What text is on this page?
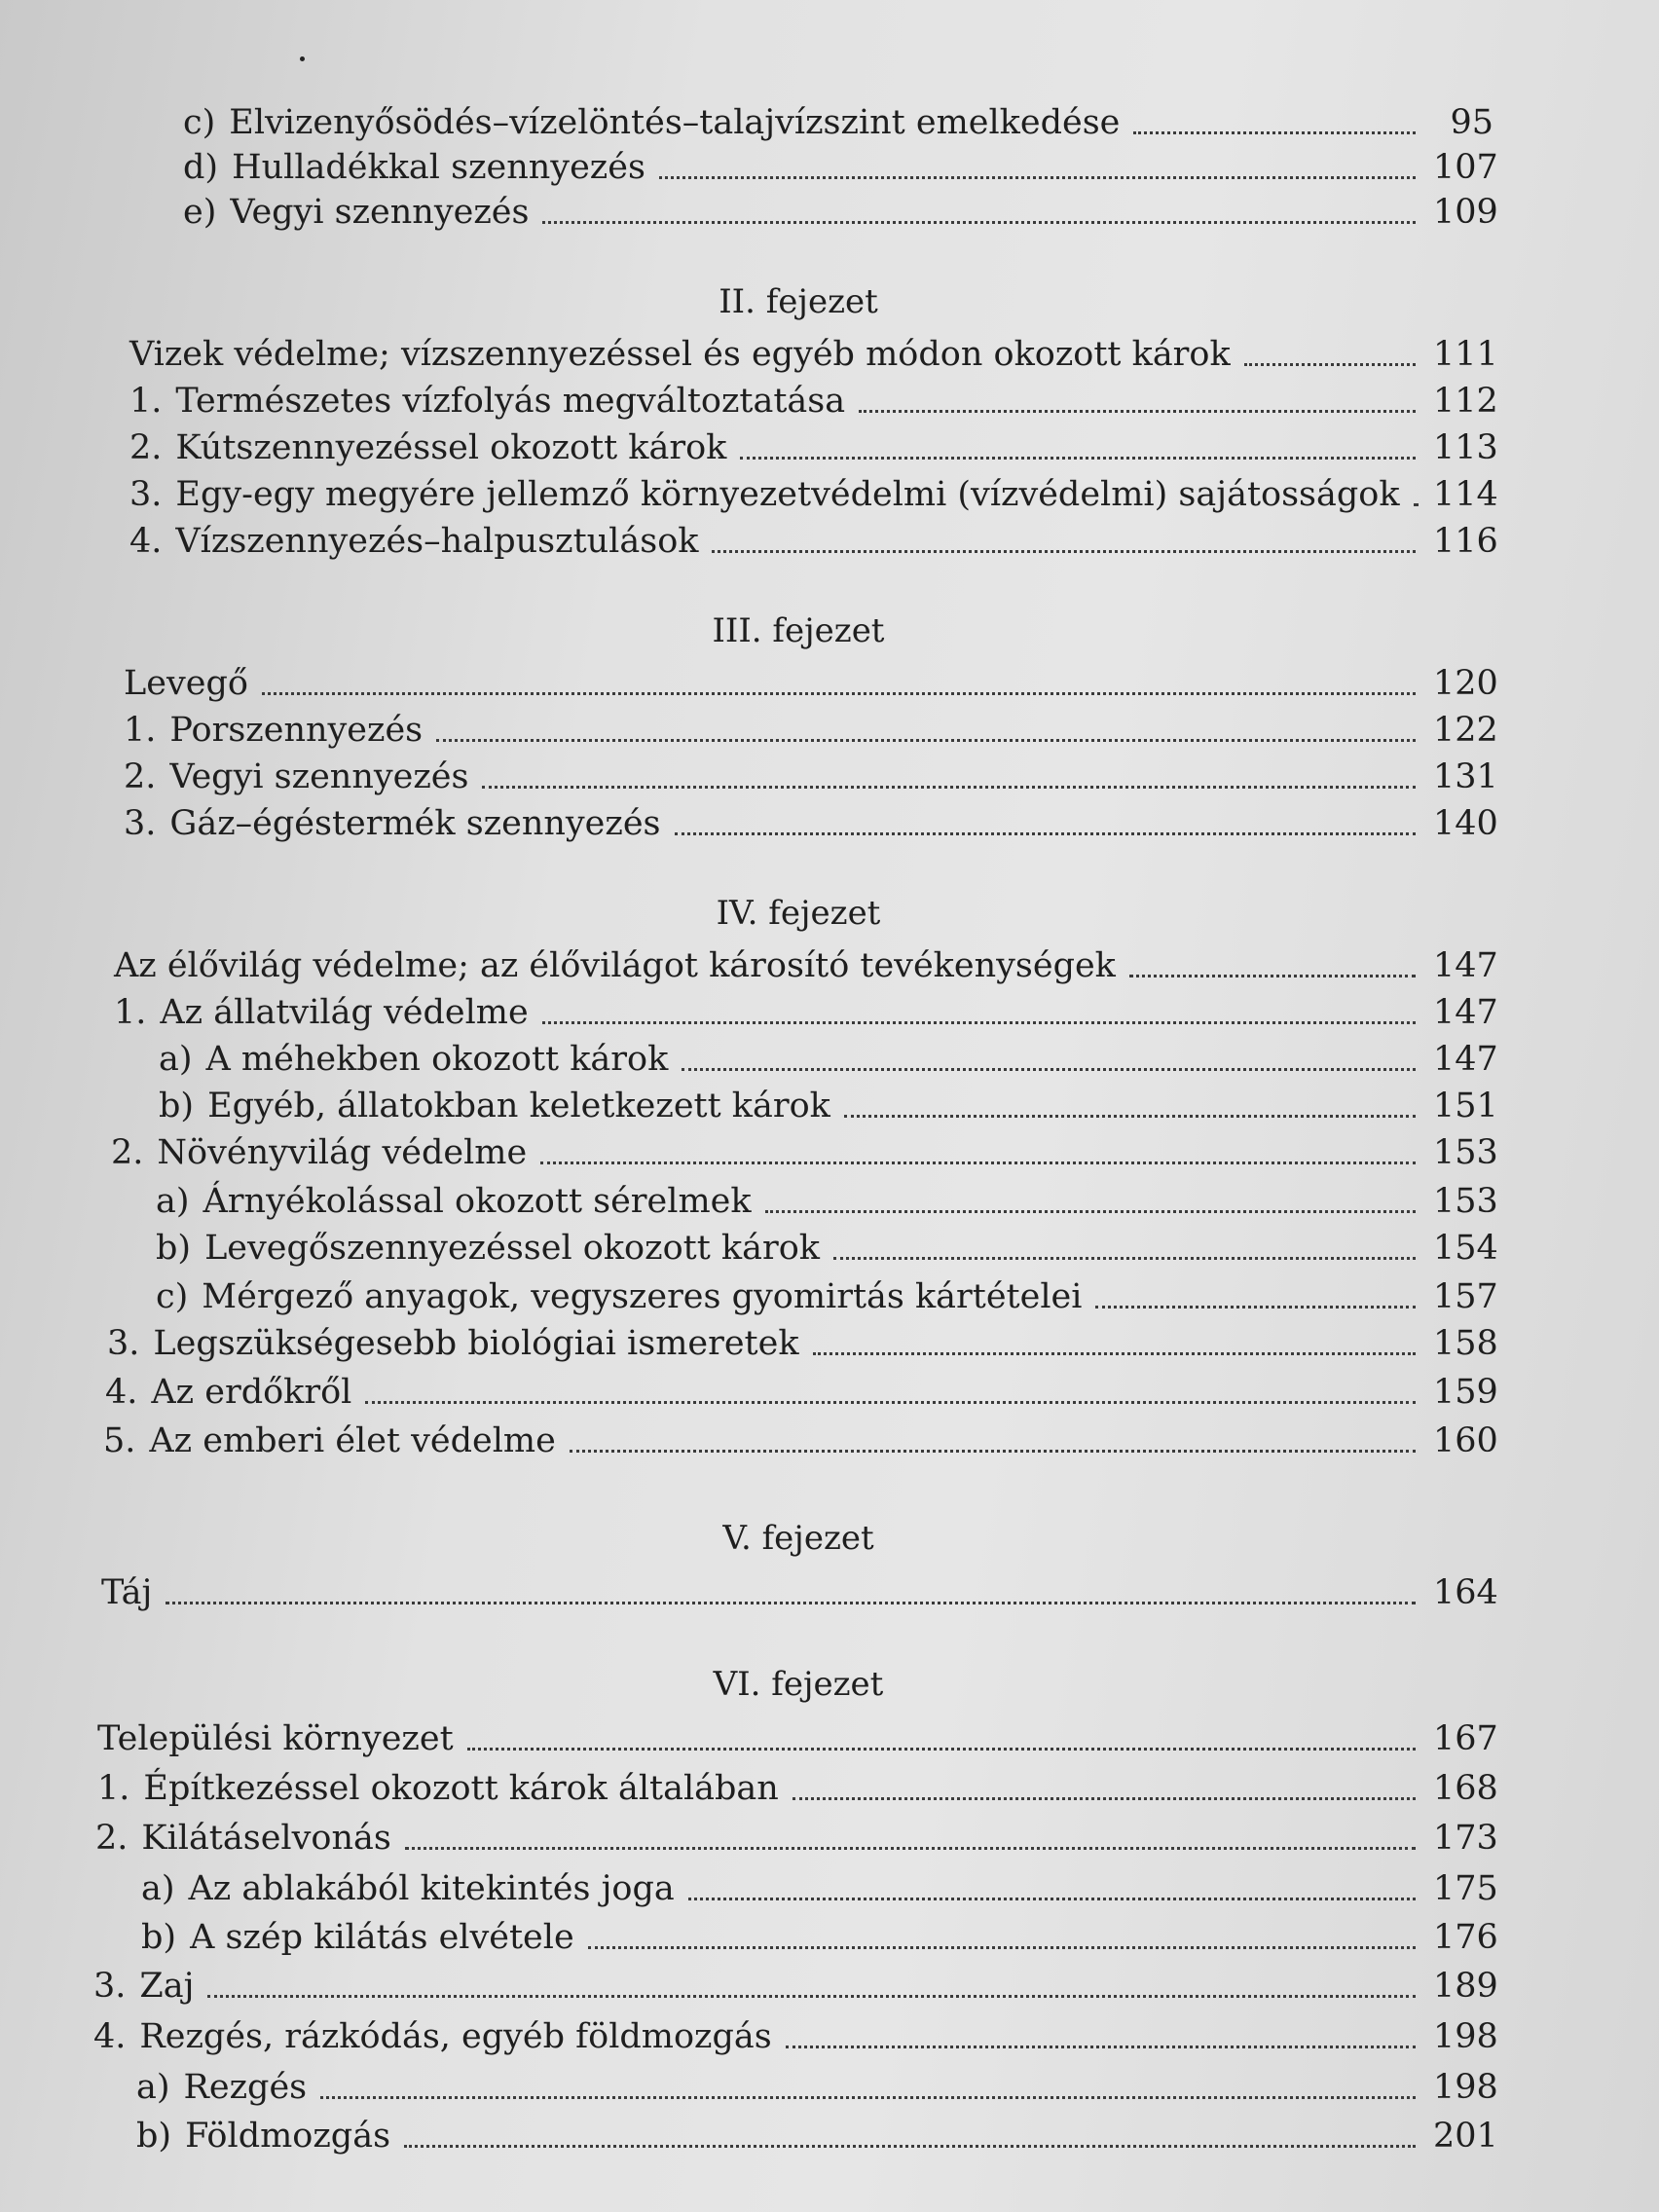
c) Elvizenyősödés–vízelöntés–talajvízszint emelkedése	95
d) Hulladékkal szennyezés	107
e) Vegyi szennyezés	109
II. fejezet
Vizek védelme; vízszennyezéssel és egyéb módon okozott károk	111
1. Természetes vízfolyás megváltoztatása	112
2. Kútszennyezéssel okozott károk	113
3. Egy-egy megyére jellemző környezetvédelmi (vízvédelmi) sajátosságok 114
4. Vízszennyezés–halpusztulások	116
III. fejezet
Levegő	120
1. Porszennyezés	122
2. Vegyi szennyezés	131
3. Gáz–égéstermék szennyezés	140
IV. fejezet
Az élővilág védelme; az élővilágot károsító tevékenységek	147
1. Az állatvilág védelme	147
a) A méhekben okozott károk	147
b) Egyéb, állatokban keletkezett károk	151
2. Növényvilág védelme	153
a) Árnyékolással okozott sérelmek	153
b) Levegőszennyezéssel okozott károk	154
c) Mérgező anyagok, vegyszeres gyomirtás kártételei	157
3. Legszükségesebb biológiai ismeretek	158
4. Az erdőkről	159
5. Az emberi élet védelme	160
V. fejezet
Táj	164
VI. fejezet
Települési környezet	167
1. Építkezéssel okozott károk általában	168
2. Kilátáselvonás	173
a) Az ablakából kitekintés joga	175
b) A szép kilátás elvétele	176
3. Zaj	189
4. Rezgés, rázkódás, egyéb földmozgás	198
a) Rezgés	198
b) Földmozgás	201
